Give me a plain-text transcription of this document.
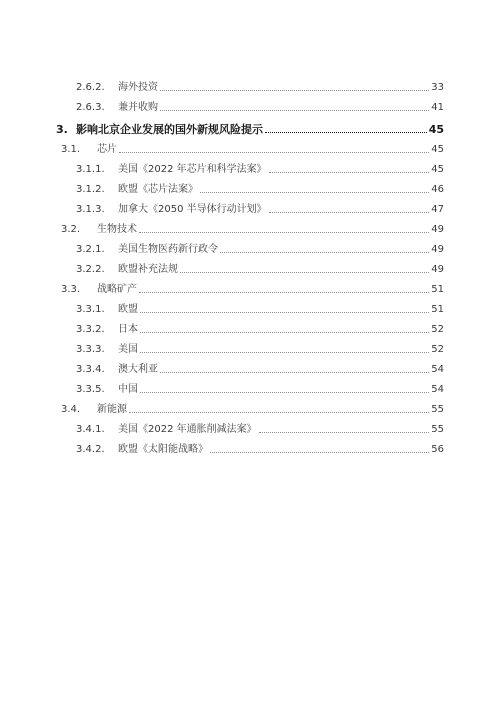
2.6.2.	海外投资	33
2.6.3.	兼并收购	41
3. 影响北京企业发展的国外新规风险提示	45
3.1.	芯片	45
3.1.1.	美国《2022 年芯片和科学法案》	45
3.1.2.	欧盟《芯片法案》	46
3.1.3.	加拿大《2050 半导体行动计划》	47
3.2.	生物技术	49
3.2.1.	美国生物医药新行政令	49
3.2.2.	欧盟补充法规	49
3.3.	战略矿产	51
3.3.1.	欧盟	51
3.3.2.	日本	52
3.3.3.	美国	52
3.3.4.	澳大利亚	54
3.3.5.	中国	54
3.4.	新能源	55
3.4.1.	美国《2022 年通胀削减法案》	55
3.4.2.	欧盟《太阳能战略》	56
